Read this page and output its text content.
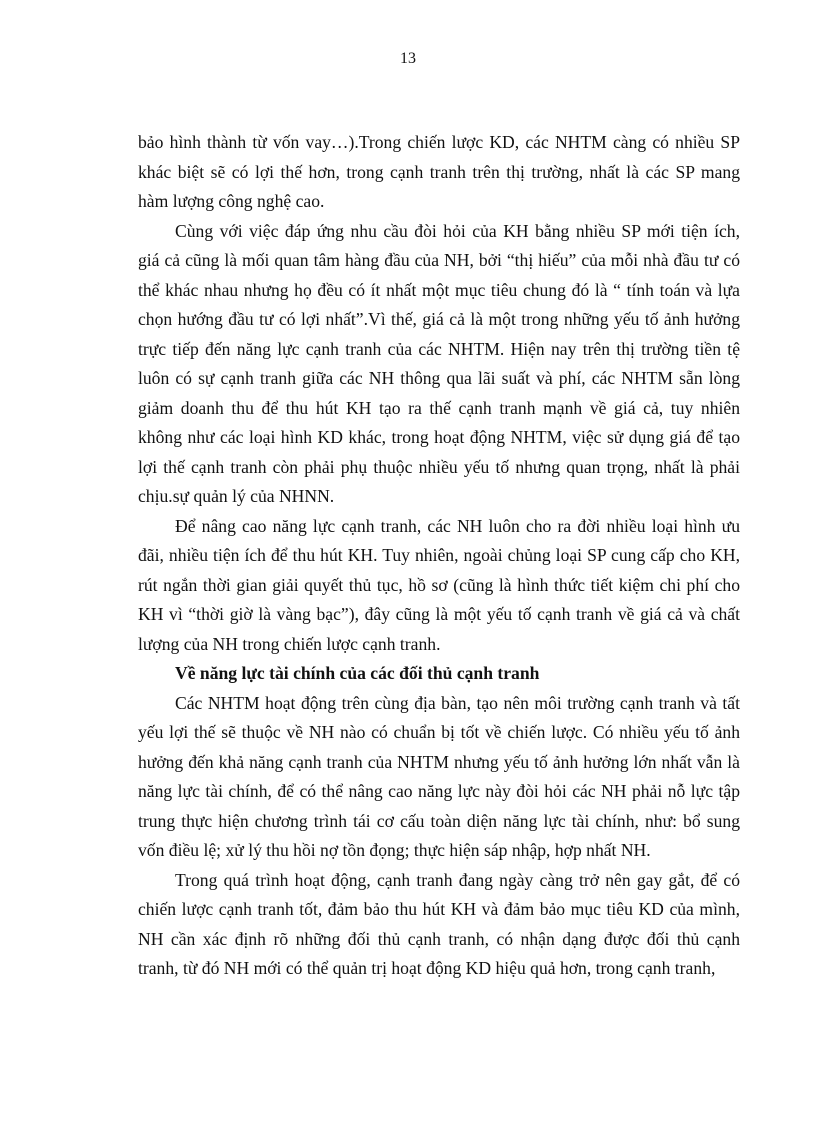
13
bảo hình thành từ vốn vay…).Trong chiến lược KD, các NHTM càng có nhiều SP
khác biệt sẽ có lợi thế hơn, trong cạnh tranh trên thị trường, nhất là các SP mang
hàm lượng công nghệ cao.
Cùng với việc đáp ứng nhu cầu đòi hỏi của KH bằng nhiều SP mới tiện ích,
giá cả cũng là mối quan tâm hàng đầu của NH, bởi “thị hiếu” của mỗi nhà đầu tư có
thể khác nhau nhưng họ đều có ít nhất một mục tiêu chung đó là “ tính toán và lựa
chọn hướng đầu tư có lợi nhất”.Vì thế, giá cả là một trong những yếu tố ảnh hưởng
trực tiếp đến năng lực cạnh tranh của các NHTM. Hiện nay trên thị trường tiền tệ
luôn có sự cạnh tranh giữa các NH thông qua lãi suất và phí, các NHTM sẵn lòng
giảm doanh thu để thu hút KH tạo ra thế cạnh tranh mạnh về giá cả, tuy nhiên
không như các loại hình KD khác, trong hoạt động NHTM, việc sử dụng giá để tạo
lợi thế cạnh tranh còn phải phụ thuộc nhiều yếu tố nhưng quan trọng, nhất là phải
chịu.sự quản lý của NHNN.
Để nâng cao năng lực cạnh tranh, các NH luôn cho ra đời nhiều loại hình ưu
đãi, nhiều tiện ích để thu hút KH. Tuy nhiên, ngoài chủng loại SP cung cấp cho KH,
rút ngắn thời gian giải quyết thủ tục, hồ sơ (cũng là hình thức tiết kiệm chi phí cho
KH vì “thời giờ là vàng bạc”), đây cũng là một yếu tố cạnh tranh về giá cả và chất
lượng của NH trong chiến lược cạnh tranh.
Về năng lực tài chính của các đối thủ cạnh tranh
Các NHTM hoạt động trên cùng địa bàn, tạo nên môi trường cạnh tranh và tất
yếu lợi thế sẽ thuộc về NH nào có chuẩn bị tốt về chiến lược. Có nhiều yếu tố ảnh
hưởng đến khả năng cạnh tranh của NHTM nhưng yếu tố ảnh hưởng lớn nhất vẫn là
năng lực tài chính, để có thể nâng cao năng lực này đòi hỏi các NH phải nỗ lực tập
trung thực hiện chương trình tái cơ cấu toàn diện năng lực tài chính, như: bổ sung
vốn điều lệ; xử lý thu hồi nợ tồn đọng; thực hiện sáp nhập, hợp nhất NH.
Trong quá trình hoạt động, cạnh tranh đang ngày càng trở nên gay gắt, để có
chiến lược cạnh tranh tốt, đảm bảo thu hút KH và đảm bảo mục tiêu KD của mình,
NH cần xác định rõ những đối thủ cạnh tranh, có nhận dạng được đối thủ cạnh
tranh, từ đó NH mới có thể quản trị hoạt động KD hiệu quả hơn, trong cạnh tranh,
